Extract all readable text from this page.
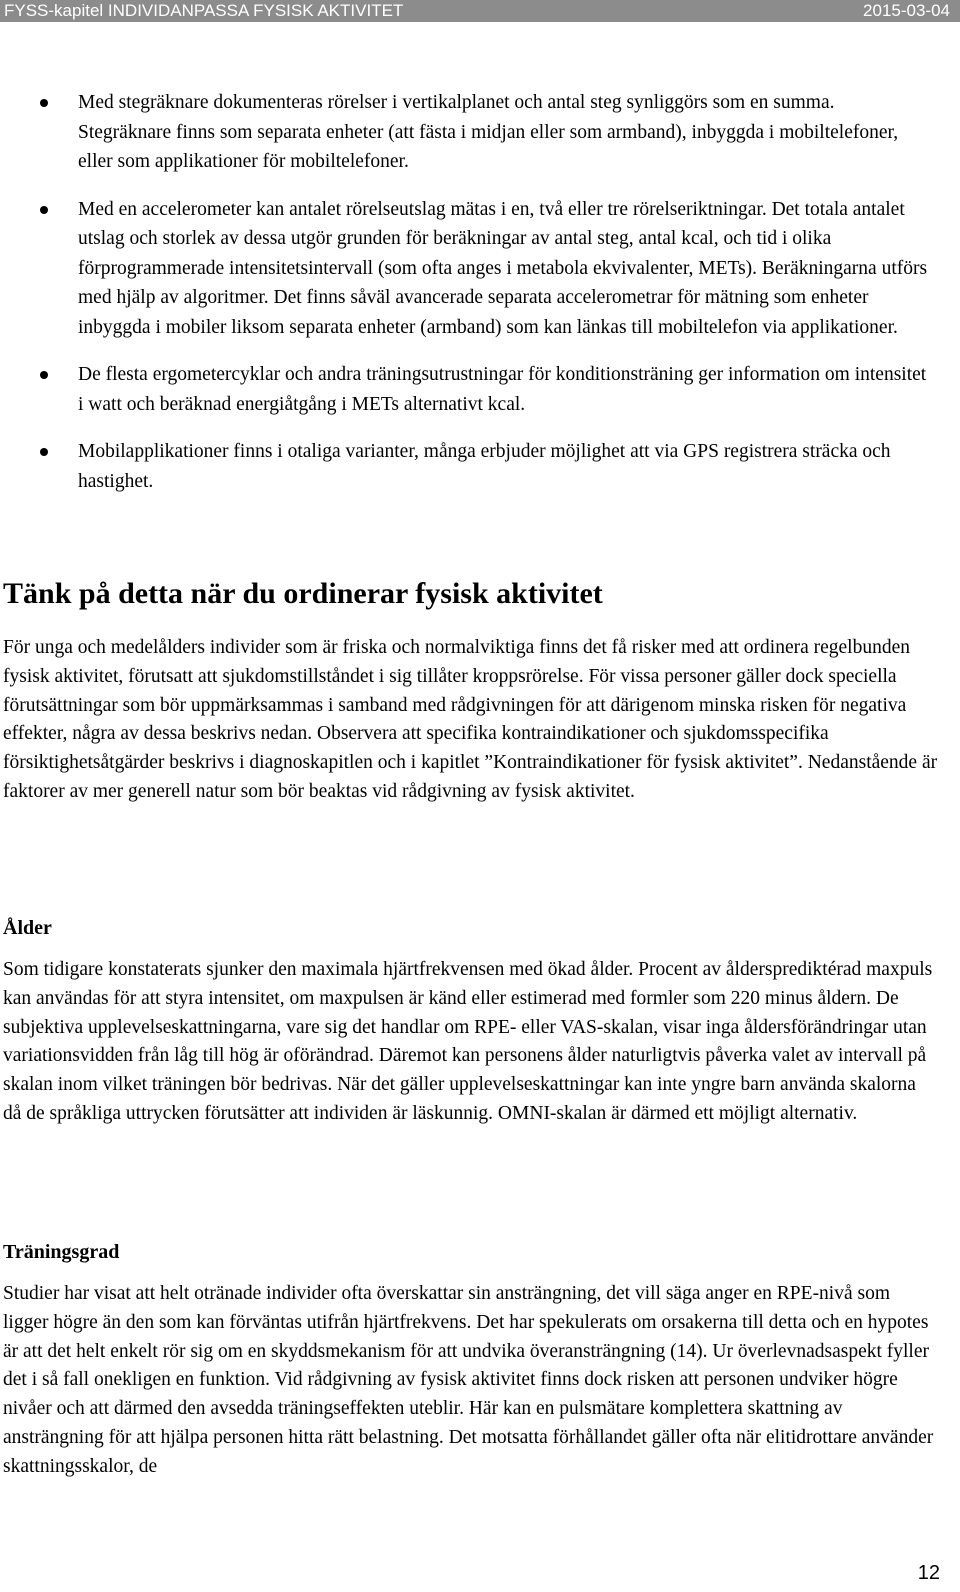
FYSS-kapitel INDIVIDANPASSA FYSISK AKTIVITET	2015-03-04
Med stegräknare dokumenteras rörelser i vertikalplanet och antal steg synliggörs som en summa. Stegräknare finns som separata enheter (att fästa i midjan eller som armband), inbyggda i mobiltelefoner, eller som applikationer för mobiltelefoner.
Med en accelerometer kan antalet rörelseutslag mätas i en, två eller tre rörelseriktningar. Det totala antalet utslag och storlek av dessa utgör grunden för beräkningar av antal steg, antal kcal, och tid i olika förprogrammerade intensitetsintervall (som ofta anges i metabola ekvivalenter, METs). Beräkningarna utförs med hjälp av algoritmer. Det finns såväl avancerade separata accelerometrar för mätning som enheter inbyggda i mobiler liksom separata enheter (armband) som kan länkas till mobiltelefon via applikationer.
De flesta ergometercyklar och andra träningsutrustningar för konditionsträning ger information om intensitet i watt och beräknad energiåtgång i METs alternativt kcal.
Mobilapplikationer finns i otaliga varianter, många erbjuder möjlighet att via GPS registrera sträcka och hastighet.
Tänk på detta när du ordinerar fysisk aktivitet

För unga och medelålders individer som är friska och normalviktiga finns det få risker med att ordinera regelbunden fysisk aktivitet, förutsatt att sjukdomstillståndet i sig tillåter kroppsrörelse. För vissa personer gäller dock speciella förutsättningar som bör uppmärksammas i samband med rådgivningen för att därigenom minska risken för negativa effekter, några av dessa beskrivs nedan. Observera att specifika kontraindikationer och sjukdomsspecifika försiktighetsåtgärder beskrivs i diagnoskapitlen och i kapitlet ”Kontraindikationer för fysisk aktivitet”. Nedanstående är faktorer av mer generell natur som bör beaktas vid rådgivning av fysisk aktivitet.

Ålder

Som tidigare konstaterats sjunker den maximala hjärtfrekvensen med ökad ålder. Procent av åldersprediktérad maxpuls kan användas för att styra intensitet, om maxpulsen är känd eller estimerad med formler som 220 minus åldern. De subjektiva upplevelseskattningarna, vare sig det handlar om RPE- eller VAS-skalan, visar inga åldersförändringar utan variationsvidden från låg till hög är oförändrad. Däremot kan personens ålder naturligtvis påverka valet av intervall på skalan inom vilket träningen bör bedrivas. När det gäller upplevelseskattningar kan inte yngre barn använda skalorna då de språkliga uttrycken förutsätter att individen är läskunnig. OMNI-skalan är därmed ett möjligt alternativ.

Träningsgrad

Studier har visat att helt otränade individer ofta överskattar sin ansträngning, det vill säga anger en RPE-nivå som ligger högre än den som kan förväntas utifrån hjärtfrekvens. Det har spekulerats om orsakerna till detta och en hypotes är att det helt enkelt rör sig om en skyddsmekanism för att undvika överansträngning (14). Ur överlevnadsaspekt fyller det i så fall onekligen en funktion. Vid rådgivning av fysisk aktivitet finns dock risken att personen undviker högre nivåer och att därmed den avsedda träningseffekten uteblir. Här kan en pulsmätare komplettera skattning av ansträngning för att hjälpa personen hitta rätt belastning. Det motsatta förhållandet gäller ofta när elitidrottare använder skattningsskalor, de

12
